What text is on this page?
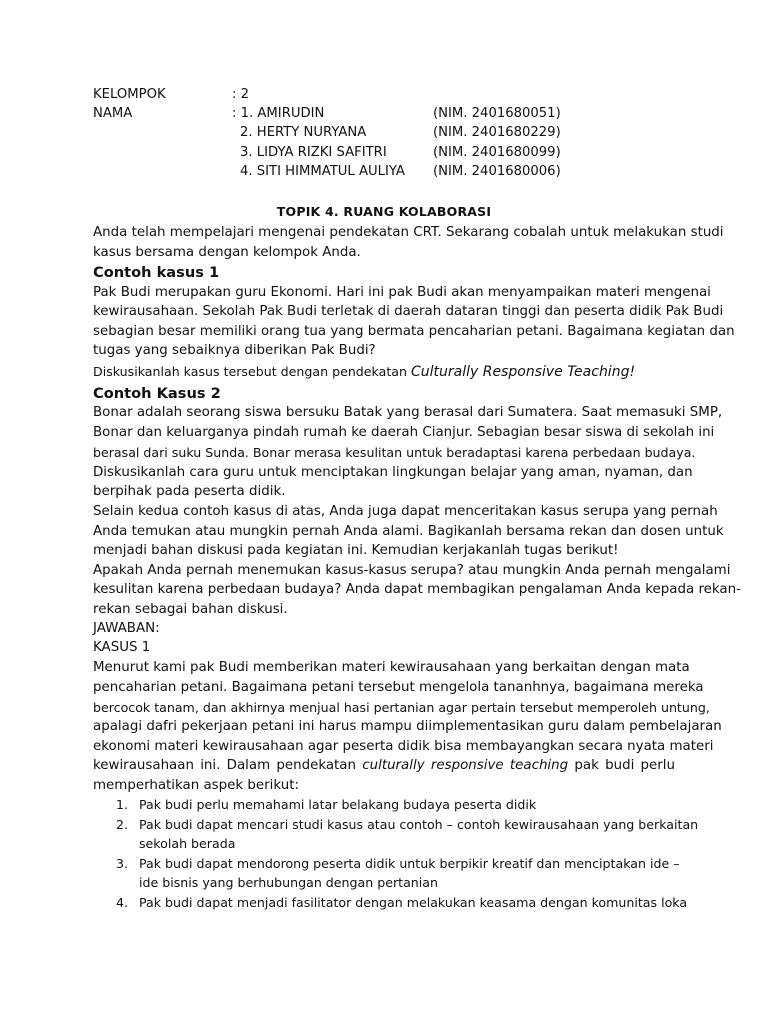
KELOMPOK	: 2
NAMA	: 1. AMIRUDIN	(NIM. 2401680051)
2. HERTY NURYANA	(NIM. 2401680229)
3. LIDYA RIZKI SAFITRI	(NIM. 2401680099)
4. SITI HIMMATUL AULIYA (NIM. 2401680006)
TOPIK 4. RUANG KOLABORASI
Anda telah mempelajari mengenai pendekatan CRT. Sekarang cobalah untuk melakukan studi
kasus bersama dengan kelompok Anda.
Contoh kasus 1
Pak Budi merupakan guru Ekonomi. Hari ini pak Budi akan menyampaikan materi mengenai
kewirausahaan. Sekolah Pak Budi terletak di daerah dataran tinggi dan peserta didik Pak Budi
sebagian besar memiliki orang tua yang bermata pencaharian petani. Bagaimana kegiatan dan
tugas yang sebaiknya diberikan Pak Budi?
Diskusikanlah kasus tersebut dengan pendekatan Culturally Responsive Teaching!
Contoh Kasus 2
Bonar adalah seorang siswa bersuku Batak yang berasal dari Sumatera. Saat memasuki SMP,
Bonar dan keluarganya pindah rumah ke daerah Cianjur. Sebagian besar siswa di sekolah ini
berasal dari suku Sunda. Bonar merasa kesulitan untuk beradaptasi karena perbedaan budaya.
Diskusikanlah cara guru untuk menciptakan lingkungan belajar yang aman, nyaman, dan
berpihak pada peserta didik.
Selain kedua contoh kasus di atas, Anda juga dapat menceritakan kasus serupa yang pernah
Anda temukan atau mungkin pernah Anda alami. Bagikanlah bersama rekan dan dosen untuk
menjadi bahan diskusi pada kegiatan ini. Kemudian kerjakanlah tugas berikut!
Apakah Anda pernah menemukan kasus-kasus serupa? atau mungkin Anda pernah mengalami
kesulitan karena perbedaan budaya? Anda dapat membagikan pengalaman Anda kepada rekan-
rekan sebagai bahan diskusi.
JAWABAN:
KASUS 1
Menurut kami pak Budi memberikan materi kewirausahaan yang berkaitan dengan mata
pencaharian petani. Bagaimana petani tersebut mengelola tananhnya, bagaimana mereka
bercocok tanam, dan akhirnya menjual hasi pertanian agar pertain tersebut memperoleh untung,
apalagi dafri pekerjaan petani ini harus mampu diimplementasikan guru dalam pembelajaran
ekonomi materi kewirausahaan agar peserta didik bisa membayangkan secara nyata materi
kewirausahaan ini. Dalam pendekatan culturally responsive teaching pak budi perlu
memperhatikan aspek berikut:
1. Pak budi perlu memahami latar belakang budaya peserta didik
2. Pak budi dapat mencari studi kasus atau contoh – contoh kewirausahaan yang berkaitan
sekolah berada
3. Pak budi dapat mendorong peserta didik untuk berpikir kreatif dan menciptakan ide –
ide bisnis yang berhubungan dengan pertanian
4. Pak budi dapat menjadi fasilitator dengan melakukan keasama dengan komunitas loka
